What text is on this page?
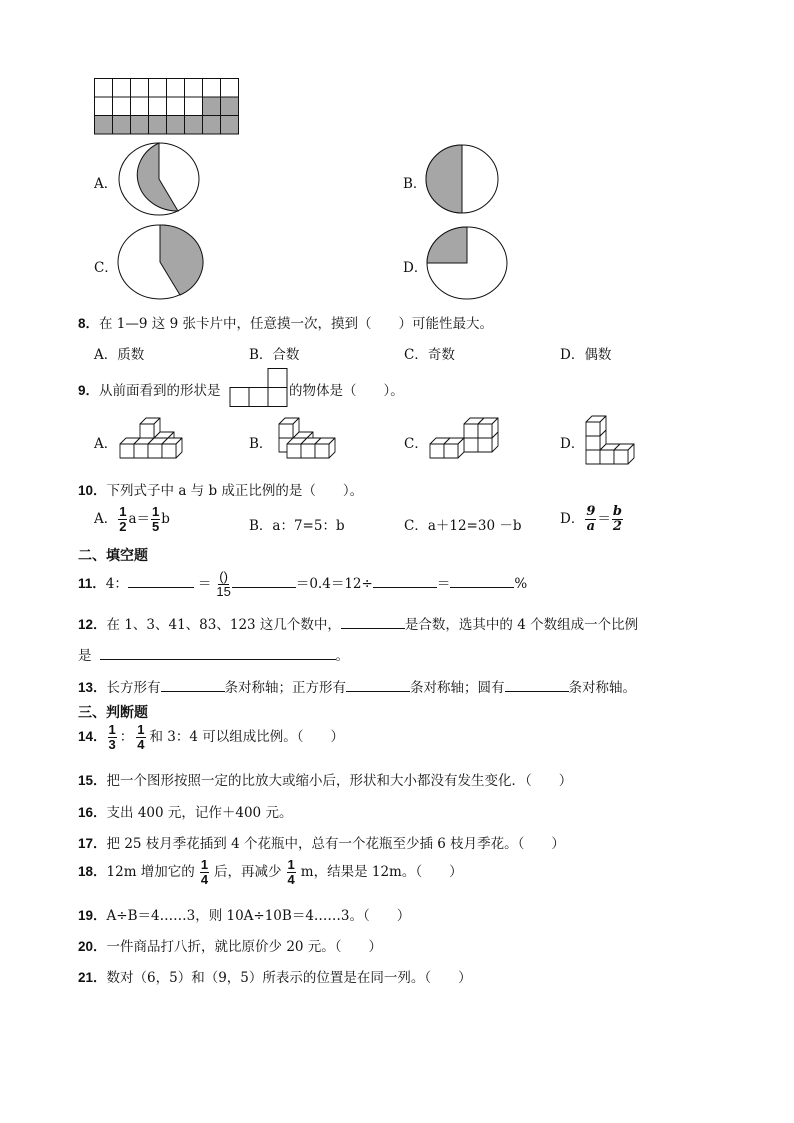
A．	B．
C．	D．
8．在 1—9 这 9 张卡片中，任意摸一次，摸到（　　）可能性最大。
A．质数	B．合数	C．奇数	D．偶数
9．从前面看到的形状是	的物体是（　　）。
A．	B．	C．	D．
10．下列式子中 a 与 b 成正比例的是（　　）。
A． $\frac{1}{2} a= \frac{1}{5}$ b	B．a：7=5：b	C．a＋12=30 －b	D． $\frac{9}{a} = \frac{b}{2}$
二、填空题
11．4：	＝ $\frac{()}{15}$	＝0.4＝12÷	＝	%
12．在 1、3、41、83、123 这几个数中，	是合数，选其中的 4 个数组成一个比例
是	。
13．长方形有	条对称轴；正方形有	条对称轴；圆有	条对称轴。
三、判断题
14． $\frac{1}{3}$ ： $\frac{1}{4}$ 和 3：4 可以组成比例。（　　）
15．把一个图形按照一定的比放大或缩小后，形状和大小都没有发生变化．（　　）
16．支出 400 元，记作＋400 元。
17．把 25 枝月季花插到 4 个花瓶中，总有一个花瓶至少插 6 枝月季花。（　　）
18．12m 增加它的 $\frac{1}{4}$ 后，再减少 $\frac{1}{4}$ m，结果是 12m。（　　）
19．A÷B＝4……3，则 10A÷10B＝4……3。（　　）
20．一件商品打八折，就比原价少 20 元。（　　）
21．数对（6，5）和（9，5）所表示的位置是在同一列。（　　）
